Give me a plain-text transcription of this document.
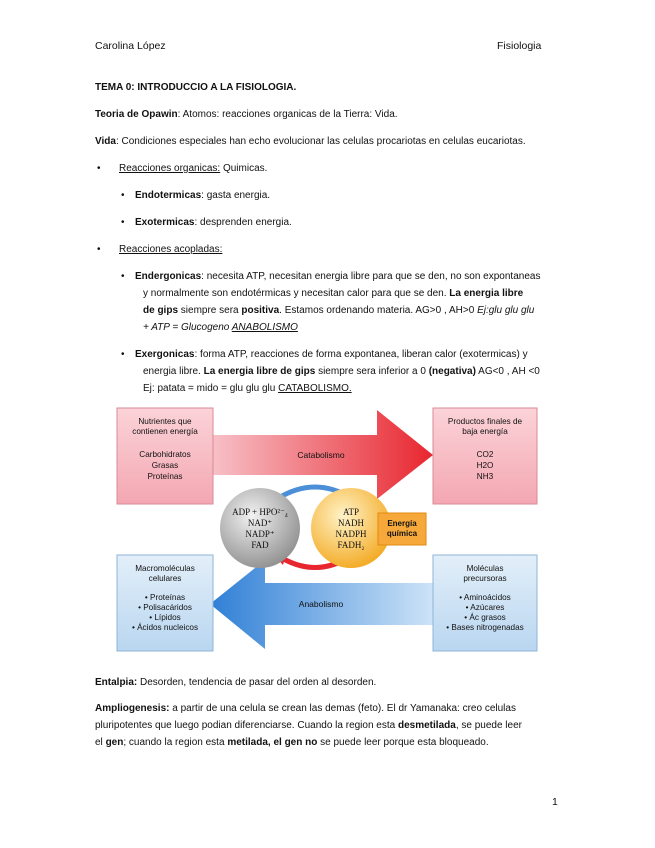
Carolina López	Fisiologia
TEMA 0: INTRODUCCIO A LA FISIOLOGIA.
Teoria de Opawin: Atomos: reacciones organicas de la Tierra: Vida.
Vida: Condiciones especiales han echo evolucionar las celulas procariotas en celulas eucariotas.
• Reacciones organicas: Quimicas.
• Endotermicas: gasta energia.
• Exotermicas: desprenden energia.
• Reacciones acopladas:
• Endergonicas: necesita ATP, necesitan energia libre para que se den, no son expontaneas
y normalmente son endotérmicas y necesitan calor para que se den. La energia libre
de gips siempre sera positiva. Estamos ordenando materia. AG>0 , AH>0 Ej:glu glu glu
+ ATP = Glucogeno ANABOLISMO
• Exergonicas: forma ATP, reacciones de forma expontanea, liberan calor (exotermicas) y
energia libre. La energia libre de gips siempre sera inferior a 0 (negativa) AG<0 , AH <0
Ej: patata = mido = glu glu glu CATABOLISMO.
Nutrientes que
contienen energía
Carbohidratos
Grasas
Proteínas
Productos finales de
baja energía
CO2
H2O
NH3
Macromoléculas
celulares
• Proteínas
• Polisacáridos
• Lípidos
• Ácidos nucleicos
Moléculas
precursoras
• Aminoácidos
• Azúcares
• Ác grasos
• Bases nitrogenadas
Catabolismo
Anabolismo
Energía
química
ADP + HPO²⁻₄
NAD⁺
NADP⁺
FAD
ATP
NADH
NADPH
FADH₂
Entalpia: Desorden, tendencia de pasar del orden al desorden.
Ampliogenesis: a partir de una celula se crean las demas (feto). El dr Yamanaka: creo celulas
pluripotentes que luego podian diferenciarse. Cuando la region esta desmetilada, se puede leer
el gen; cuando la region esta metilada, el gen no se puede leer porque esta bloqueado.
1
